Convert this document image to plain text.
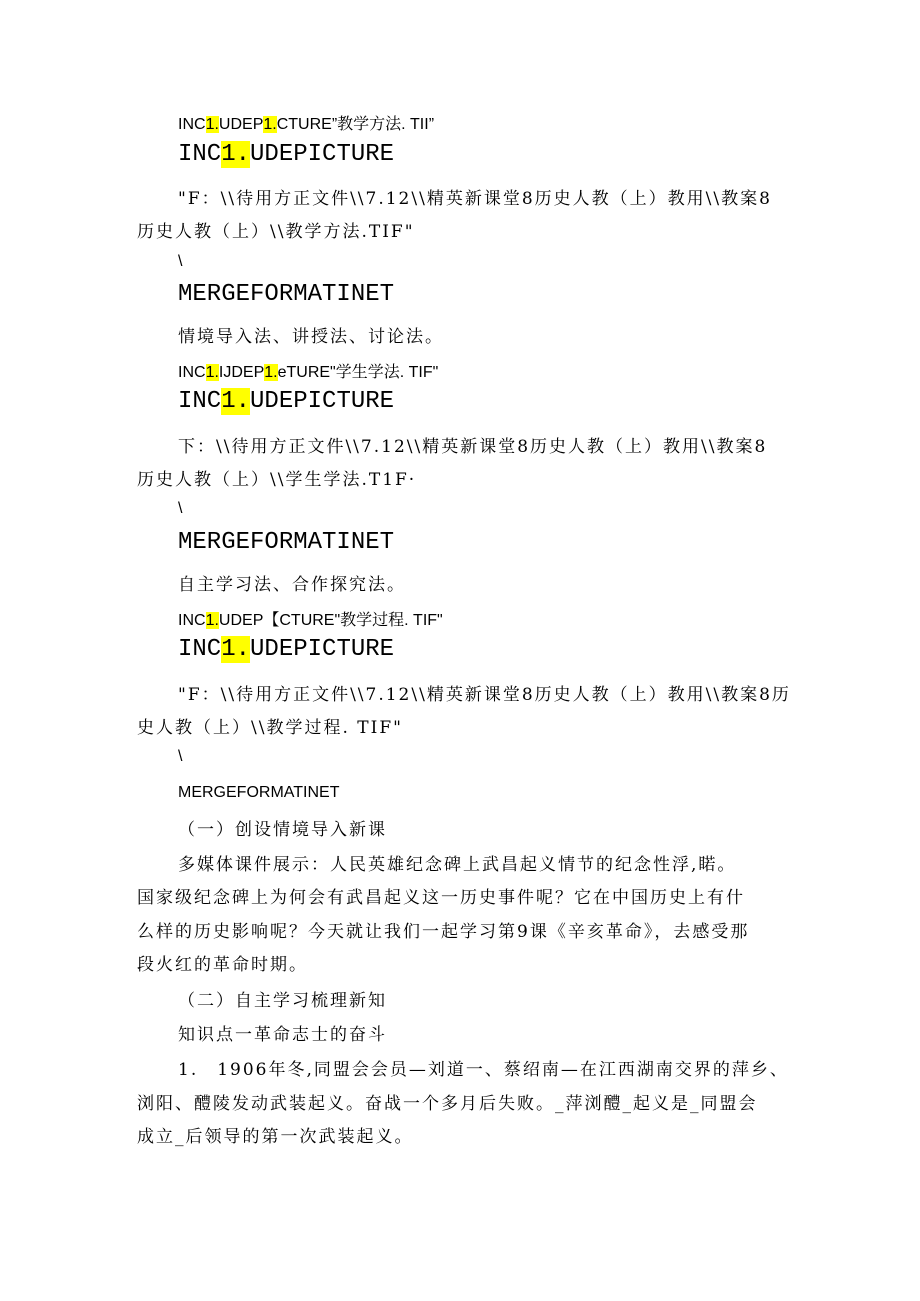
INC1.UDEP1.CTURE”教学方法. TII”
INC1.UDEPICTURE
"F：\\待用方正文件\\7.12\\精英新课堂8历史人教（上）教用\\教案8
历史人教（上）\\教学方法.TIF"
\
MERGEFORMATINET
情境导入法、讲授法、讨论法。
INC1.IJDEP1.eTURE"学生学法. TIF"
INC1.UDEPICTURE
下：\\待用方正文件\\7.12\\精英新课堂8历史人教（上）教用\\教案8
历史人教（上）\\学生学法.T1F·
\
MERGEFORMATINET
自主学习法、合作探究法。
INC1.UDEP【CTURE"教学过程. TIF"
INC1.UDEPICTURE
"F：\\待用方正文件\\7.12\\精英新课堂8历史人教（上）教用\\教案8历
史人教（上）\\教学过程. TIF"
\
MERGEFORMATINET
（一）创设情境导入新课
多媒体课件展示：人民英雄纪念碑上武昌起义情节的纪念性浮,睰。
国家级纪念碑上为何会有武昌起义这一历史事件呢？它在中国历史上有什
么样的历史影响呢？今天就让我们一起学习第9课《辛亥革命》，去感受那
段火红的革命时期。
（二）自主学习梳理新知
知识点一革命志士的奋斗
1.　1906年冬,同盟会会员—刘道一、蔡绍南—在江西湖南交界的萍乡、
浏阳、醴陵发动武装起义。奋战一个多月后失败。_萍浏醴_起义是_同盟会
成立_后领导的第一次武装起义。
